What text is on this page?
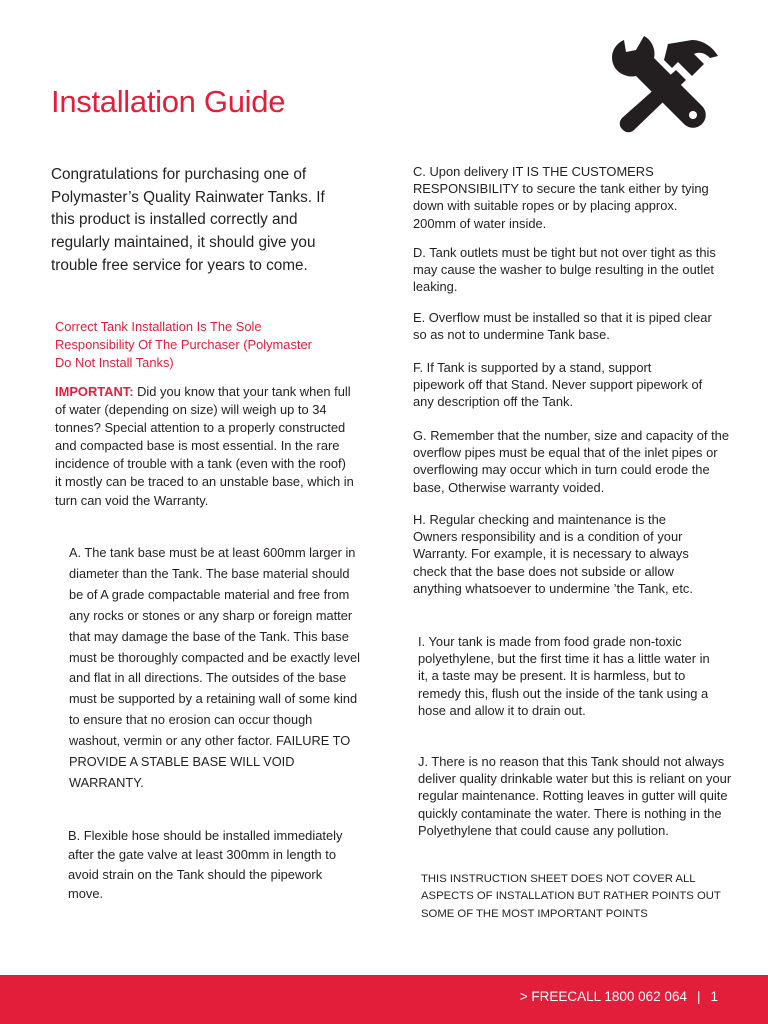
Installation Guide

Congratulations for purchasing one of Polymaster’s Quality Rainwater Tanks. If this product is installed correctly and regularly maintained, it should give you trouble free service for years to come.

Correct Tank Installation Is The Sole Responsibility Of The Purchaser (Polymaster Do Not Install Tanks)

IMPORTANT: Did you know that your tank when full of water (depending on size) will weigh up to 34 tonnes? Special attention to a properly constructed and compacted base is most essential. In the rare incidence of trouble with a tank (even with the roof) it mostly can be traced to an unstable base, which in turn can void the Warranty.

A. The tank base must be at least 600mm larger in diameter than the Tank. The base material should be of A grade compactable material and free from any rocks or stones or any sharp or foreign matter that may damage the base of the Tank. This base must be thoroughly compacted and be exactly level and flat in all directions. The outsides of the base must be supported by a retaining wall of some kind to ensure that no erosion can occur though washout, vermin or any other factor. FAILURE TO PROVIDE A STABLE BASE WILL VOID WARRANTY.

B. Flexible hose should be installed immediately after the gate valve at least 300mm in length to avoid strain on the Tank should the pipework move.

C. Upon delivery IT IS THE CUSTOMERS RESPONSIBILITY to secure the tank either by tying down with suitable ropes or by placing approx. 200mm of water inside.

D. Tank outlets must be tight but not over tight as this may cause the washer to bulge resulting in the outlet leaking.

E. Overflow must be installed so that it is piped clear so as not to undermine Tank base.

F. If Tank is supported by a stand, support pipework off that Stand. Never support pipework of any description off the Tank.

G. Remember that the number, size and capacity of the overflow pipes must be equal that of the inlet pipes or overflowing may occur which in turn could erode the base, Otherwise warranty voided.

H. Regular checking and maintenance is the Owners responsibility and is a condition of your Warranty. For example, it is necessary to always check that the base does not subside or allow anything whatsoever to undermine ’the Tank, etc.

I. Your tank is made from food grade non-toxic polyethylene, but the first time it has a little water in it, a taste may be present. It is harmless, but to remedy this, flush out the inside of the tank using a hose and allow it to drain out.

J. There is no reason that this Tank should not always deliver quality drinkable water but this is reliant on your regular maintenance. Rotting leaves in gutter will quite quickly contaminate the water. There is nothing in the Polyethylene that could cause any pollution.

THIS INSTRUCTION SHEET DOES NOT COVER ALL ASPECTS OF INSTALLATION BUT RATHER POINTS OUT SOME OF THE MOST IMPORTANT POINTS

> FREECALL 1800 062 064 | 1
